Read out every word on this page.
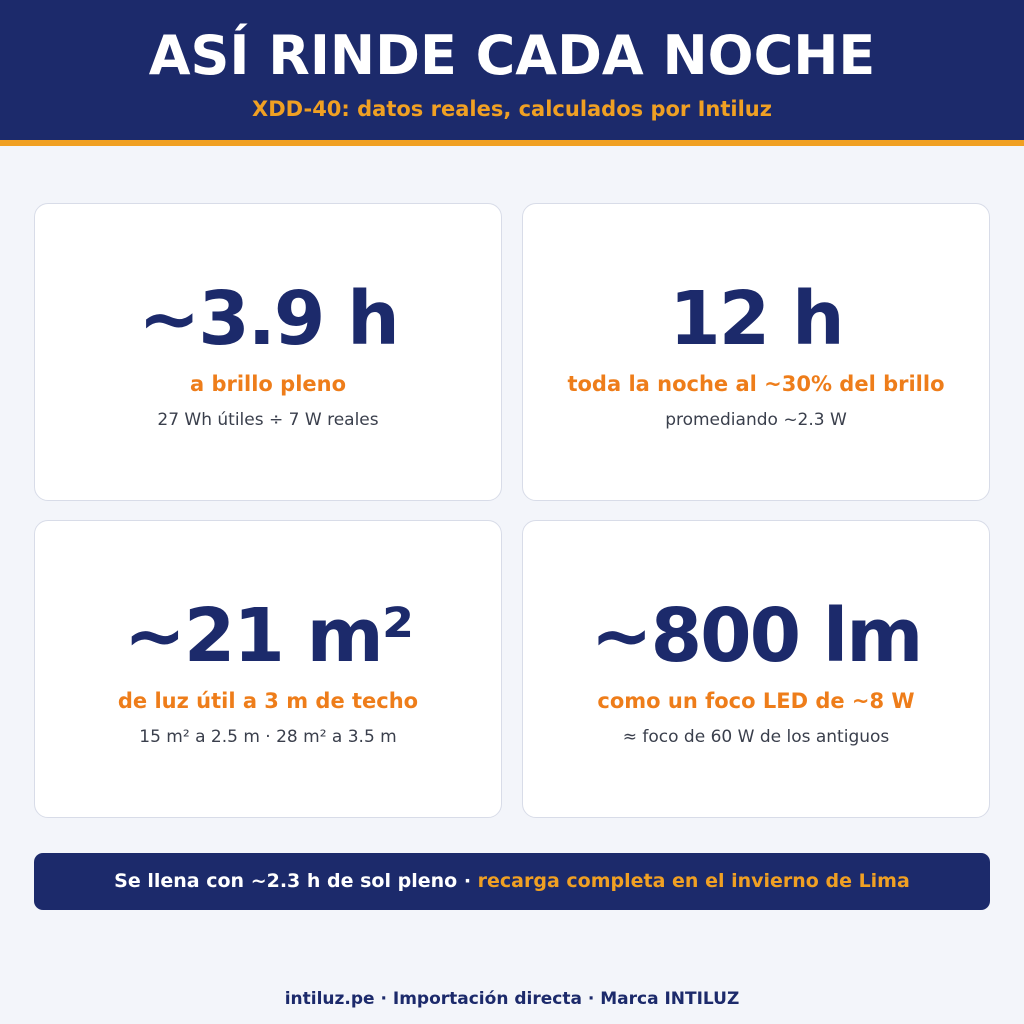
ASÍ RINDE CADA NOCHE
XDD-40: datos reales, calculados por Intiluz
~3.9 h
a brillo pleno
27 Wh útiles ÷ 7 W reales
12 h
toda la noche al ~30% del brillo
promediando ~2.3 W
~21 m²
de luz útil a 3 m de techo
15 m² a 2.5 m · 28 m² a 3.5 m
~800 lm
como un foco LED de ~8 W
≈ foco de 60 W de los antiguos
Se llena con ~2.3 h de sol pleno · recarga completa en el invierno de Lima
intiluz.pe · Importación directa · Marca INTILUZ
